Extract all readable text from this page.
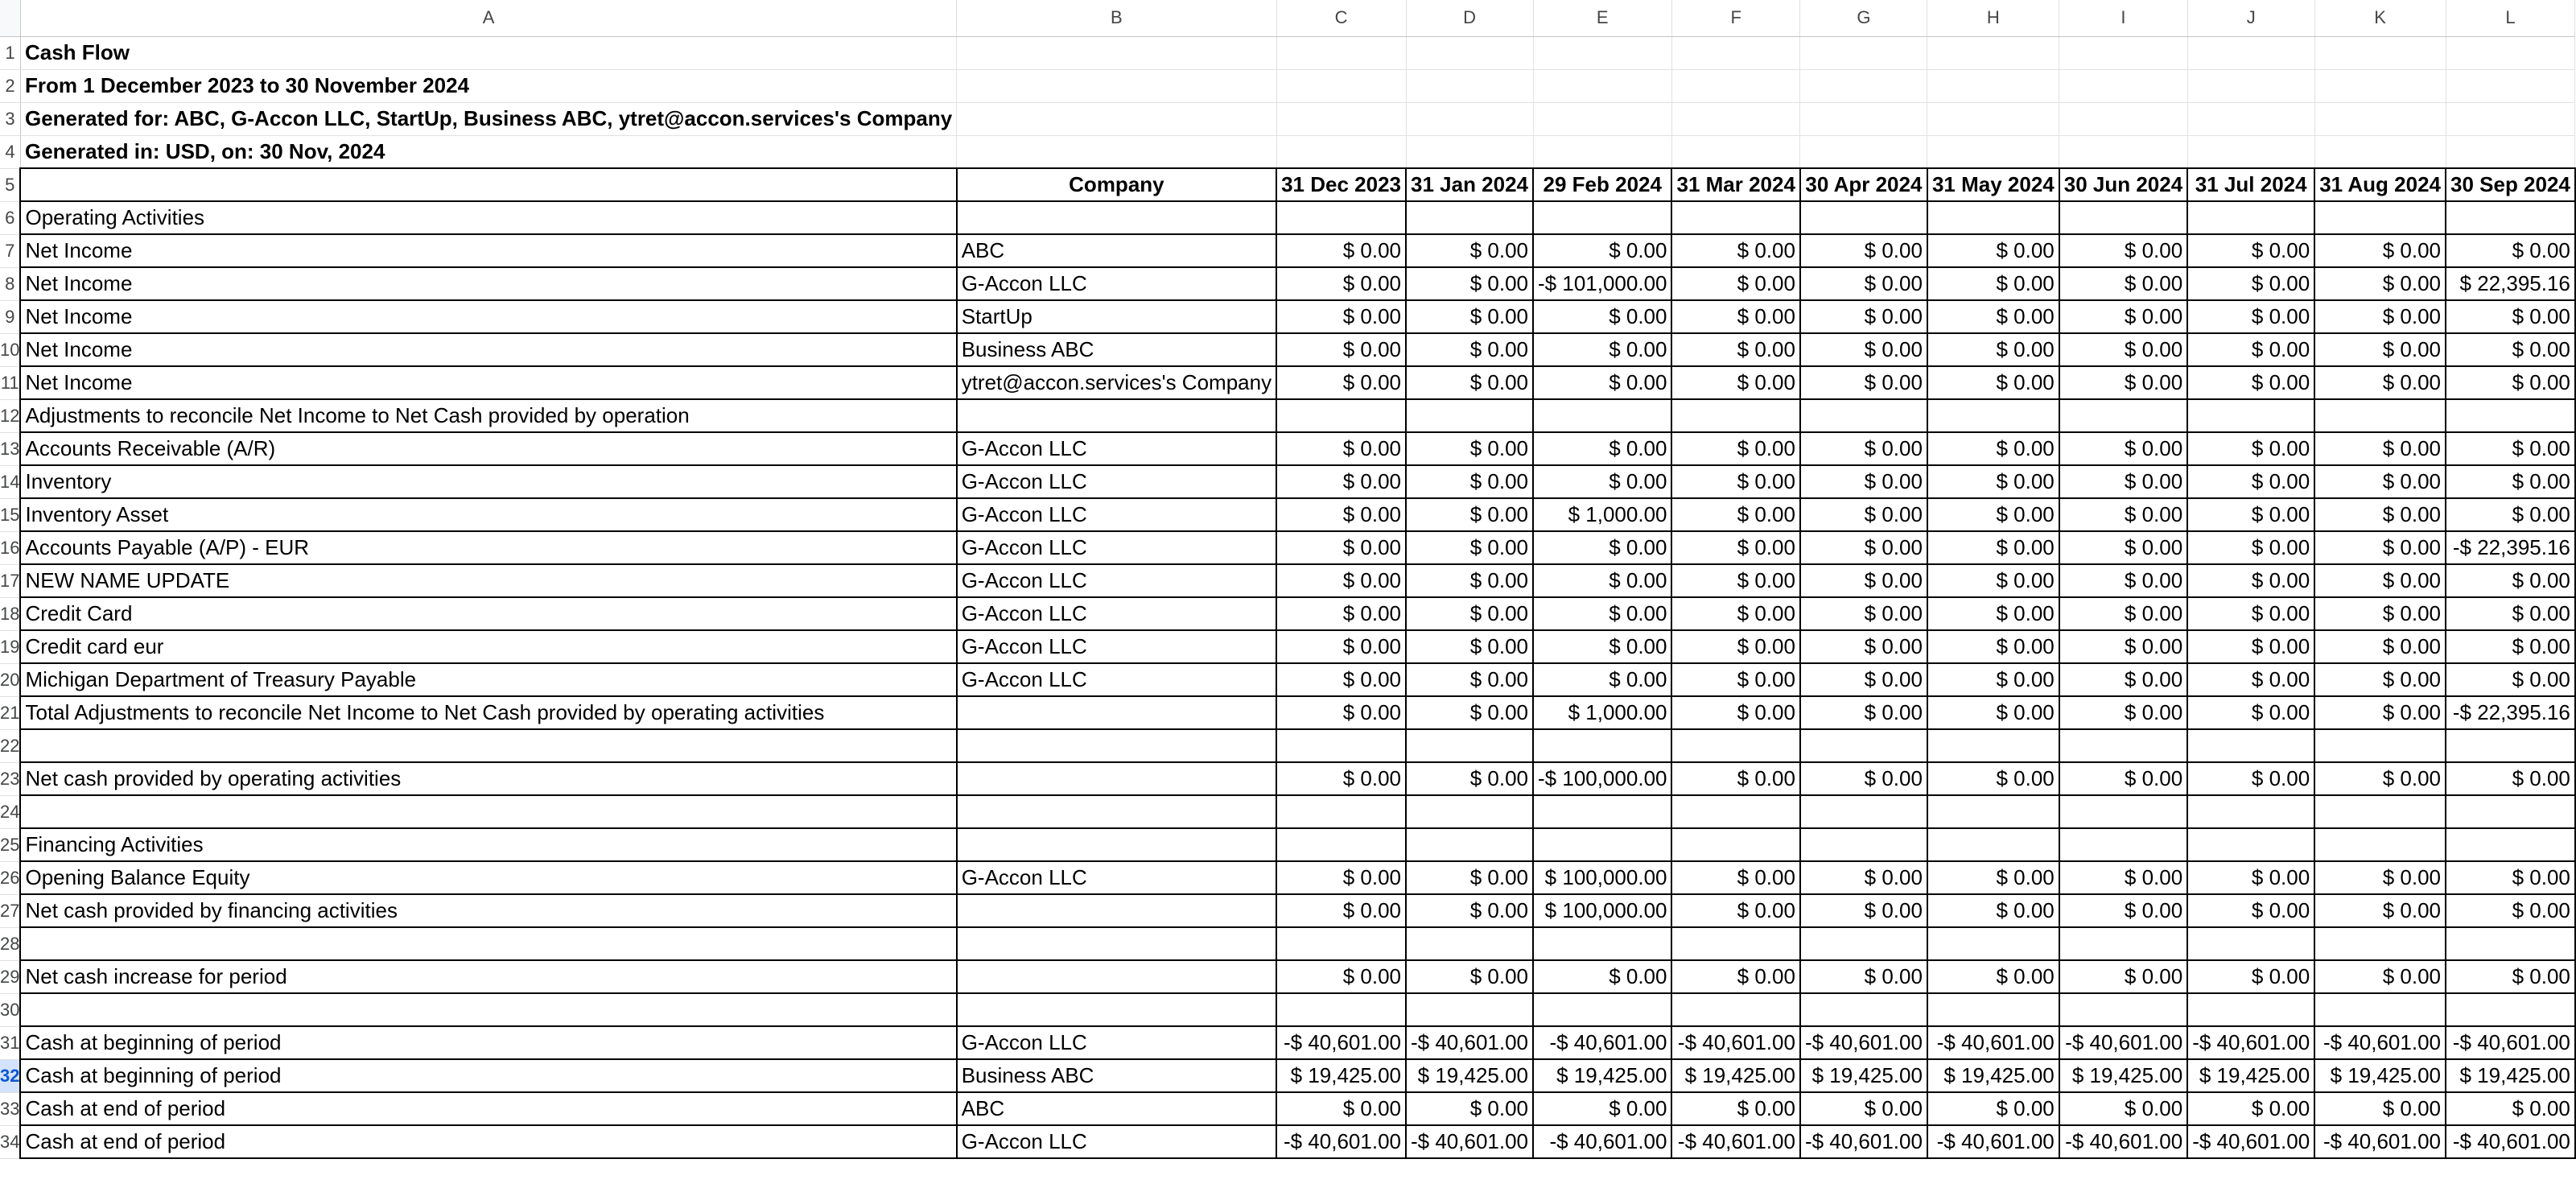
	A	B	C	D	E	F	G	H	I	J	K	L
1	Cash Flow											
2	From 1 December 2023 to 30 November 2024											
3	Generated for: ABC, G-Accon LLC, StartUp, Business ABC, ytret@accon.services's Company											
4	Generated in: USD, on: 30 Nov, 2024											
5		Company	31 Dec 2023	31 Jan 2024	29 Feb 2024	31 Mar 2024	30 Apr 2024	31 May 2024	30 Jun 2024	31 Jul 2024	31 Aug 2024	30 Sep 2024
6	Operating Activities											
7	Net Income	ABC	$ 0.00	$ 0.00	$ 0.00	$ 0.00	$ 0.00	$ 0.00	$ 0.00	$ 0.00	$ 0.00	$ 0.00
8	Net Income	G-Accon LLC	$ 0.00	$ 0.00	-$ 101,000.00	$ 0.00	$ 0.00	$ 0.00	$ 0.00	$ 0.00	$ 0.00	$ 22,395.16
9	Net Income	StartUp	$ 0.00	$ 0.00	$ 0.00	$ 0.00	$ 0.00	$ 0.00	$ 0.00	$ 0.00	$ 0.00	$ 0.00
10	Net Income	Business ABC	$ 0.00	$ 0.00	$ 0.00	$ 0.00	$ 0.00	$ 0.00	$ 0.00	$ 0.00	$ 0.00	$ 0.00
11	Net Income	ytret@accon.services's Company	$ 0.00	$ 0.00	$ 0.00	$ 0.00	$ 0.00	$ 0.00	$ 0.00	$ 0.00	$ 0.00	$ 0.00
12	Adjustments to reconcile Net Income to Net Cash provided by operation											
13	Accounts Receivable (A/R)	G-Accon LLC	$ 0.00	$ 0.00	$ 0.00	$ 0.00	$ 0.00	$ 0.00	$ 0.00	$ 0.00	$ 0.00	$ 0.00
14	Inventory	G-Accon LLC	$ 0.00	$ 0.00	$ 0.00	$ 0.00	$ 0.00	$ 0.00	$ 0.00	$ 0.00	$ 0.00	$ 0.00
15	Inventory Asset	G-Accon LLC	$ 0.00	$ 0.00	$ 1,000.00	$ 0.00	$ 0.00	$ 0.00	$ 0.00	$ 0.00	$ 0.00	$ 0.00
16	Accounts Payable (A/P) - EUR	G-Accon LLC	$ 0.00	$ 0.00	$ 0.00	$ 0.00	$ 0.00	$ 0.00	$ 0.00	$ 0.00	$ 0.00	-$ 22,395.16
17	NEW NAME UPDATE	G-Accon LLC	$ 0.00	$ 0.00	$ 0.00	$ 0.00	$ 0.00	$ 0.00	$ 0.00	$ 0.00	$ 0.00	$ 0.00
18	Credit Card	G-Accon LLC	$ 0.00	$ 0.00	$ 0.00	$ 0.00	$ 0.00	$ 0.00	$ 0.00	$ 0.00	$ 0.00	$ 0.00
19	Credit card eur	G-Accon LLC	$ 0.00	$ 0.00	$ 0.00	$ 0.00	$ 0.00	$ 0.00	$ 0.00	$ 0.00	$ 0.00	$ 0.00
20	Michigan Department of Treasury Payable	G-Accon LLC	$ 0.00	$ 0.00	$ 0.00	$ 0.00	$ 0.00	$ 0.00	$ 0.00	$ 0.00	$ 0.00	$ 0.00
21	Total Adjustments to reconcile Net Income to Net Cash provided by operating activities		$ 0.00	$ 0.00	$ 1,000.00	$ 0.00	$ 0.00	$ 0.00	$ 0.00	$ 0.00	$ 0.00	-$ 22,395.16
22												
23	Net cash provided by operating activities		$ 0.00	$ 0.00	-$ 100,000.00	$ 0.00	$ 0.00	$ 0.00	$ 0.00	$ 0.00	$ 0.00	$ 0.00
24												
25	Financing Activities											
26	Opening Balance Equity	G-Accon LLC	$ 0.00	$ 0.00	$ 100,000.00	$ 0.00	$ 0.00	$ 0.00	$ 0.00	$ 0.00	$ 0.00	$ 0.00
27	Net cash provided by financing activities		$ 0.00	$ 0.00	$ 100,000.00	$ 0.00	$ 0.00	$ 0.00	$ 0.00	$ 0.00	$ 0.00	$ 0.00
28												
29	Net cash increase for period		$ 0.00	$ 0.00	$ 0.00	$ 0.00	$ 0.00	$ 0.00	$ 0.00	$ 0.00	$ 0.00	$ 0.00
30												
31	Cash at beginning of period	G-Accon LLC	-$ 40,601.00	-$ 40,601.00	-$ 40,601.00	-$ 40,601.00	-$ 40,601.00	-$ 40,601.00	-$ 40,601.00	-$ 40,601.00	-$ 40,601.00	-$ 40,601.00
32	Cash at beginning of period	Business ABC	$ 19,425.00	$ 19,425.00	$ 19,425.00	$ 19,425.00	$ 19,425.00	$ 19,425.00	$ 19,425.00	$ 19,425.00	$ 19,425.00	$ 19,425.00
33	Cash at end of period	ABC	$ 0.00	$ 0.00	$ 0.00	$ 0.00	$ 0.00	$ 0.00	$ 0.00	$ 0.00	$ 0.00	$ 0.00
34	Cash at end of period	G-Accon LLC	-$ 40,601.00	-$ 40,601.00	-$ 40,601.00	-$ 40,601.00	-$ 40,601.00	-$ 40,601.00	-$ 40,601.00	-$ 40,601.00	-$ 40,601.00	-$ 40,601.00
